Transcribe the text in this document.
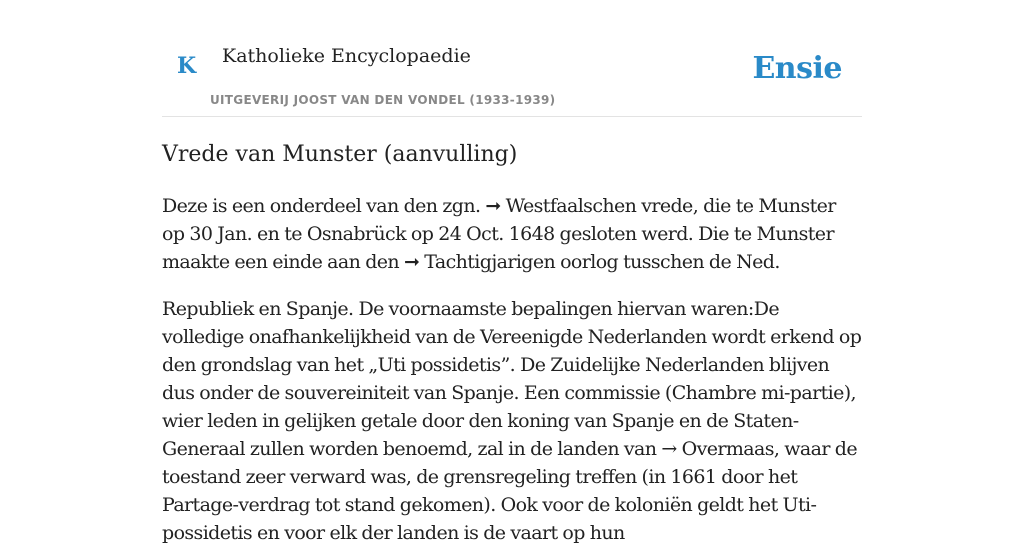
K Katholieke Encyclopaedie
UITGEVERIJ JOOST VAN DEN VONDEL (1933-1939)
Ensie
Vrede van Munster (aanvulling)

Deze is een onderdeel van den zgn. ➞ Westfaalschen vrede, die te Munster op 30 Jan. en te Osnabrück op 24 Oct. 1648 gesloten werd. Die te Munster maakte een einde aan den ➞ Tachtigjarigen oorlog tusschen de Ned.

Republiek en Spanje. De voornaamste bepalingen hiervan waren:De volledige onafhankelijkheid van de Vereenigde Nederlanden wordt erkend op den grondslag van het „Uti possidetis”. De Zuidelijke Nederlanden blijven dus onder de souvereiniteit van Spanje. Een commissie (Chambre mi-partie), wier leden in gelijken getale door den koning van Spanje en de Staten-Generaal zullen worden benoemd, zal in de landen van → Overmaas, waar de toestand zeer verward was, de grensregeling treffen (in 1661 door het Partage-verdrag tot stand gekomen). Ook voor de koloniën geldt het Uti-possidetis en voor elk der landen is de vaart op hun
